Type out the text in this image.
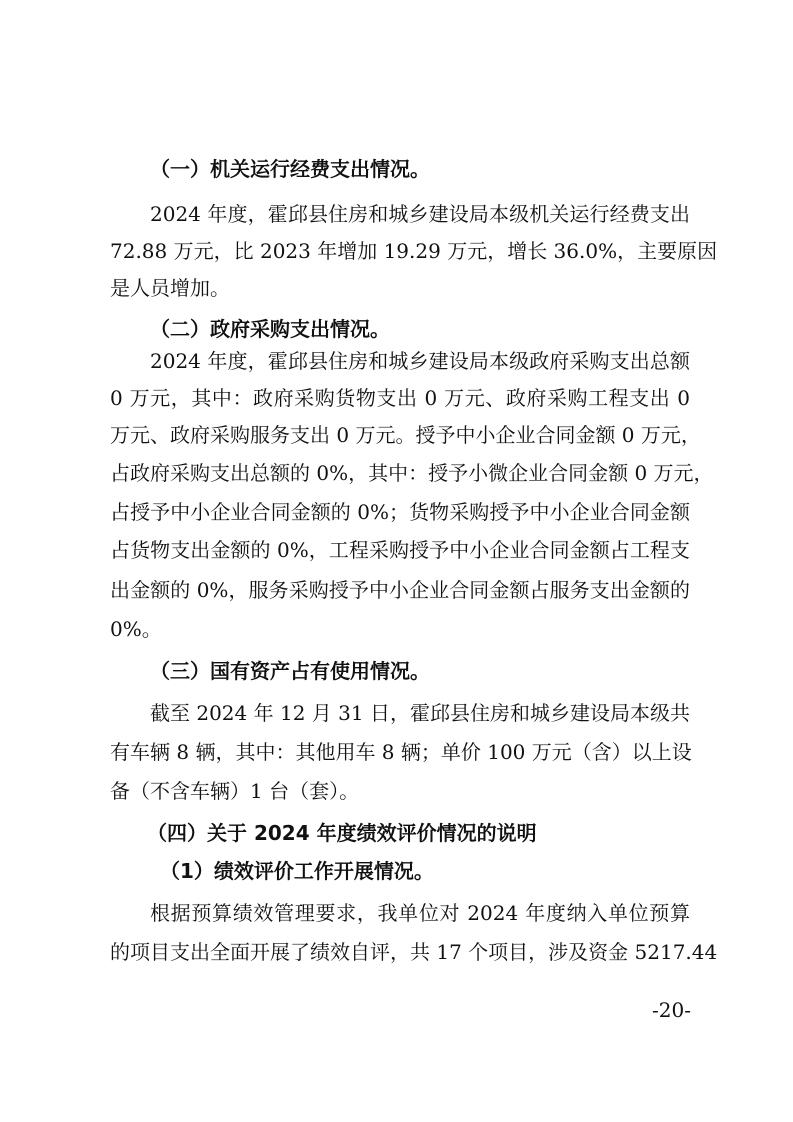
（一）机关运行经费支出情况。
2024 年度，霍邱县住房和城乡建设局本级机关运行经费支出
72.88 万元，比 2023 年增加 19.29 万元，增长 36.0%，主要原因
是人员增加。
（二）政府采购支出情况。
2024 年度，霍邱县住房和城乡建设局本级政府采购支出总额
0 万元，其中：政府采购货物支出 0 万元、政府采购工程支出 0
万元、政府采购服务支出 0 万元。授予中小企业合同金额 0 万元，
占政府采购支出总额的 0%，其中：授予小微企业合同金额 0 万元，
占授予中小企业合同金额的 0%；货物采购授予中小企业合同金额
占货物支出金额的 0%，工程采购授予中小企业合同金额占工程支
出金额的 0%，服务采购授予中小企业合同金额占服务支出金额的
0%。
（三）国有资产占有使用情况。
截至 2024 年 12 月 31 日，霍邱县住房和城乡建设局本级共
有车辆 8 辆，其中：其他用车 8 辆；单价 100 万元（含）以上设
备（不含车辆）1 台（套）。
（四）关于 2024 年度绩效评价情况的说明
（1）绩效评价工作开展情况。
根据预算绩效管理要求，我单位对 2024 年度纳入单位预算
的项目支出全面开展了绩效自评，共 17 个项目，涉及资金 5217.44
-20-
